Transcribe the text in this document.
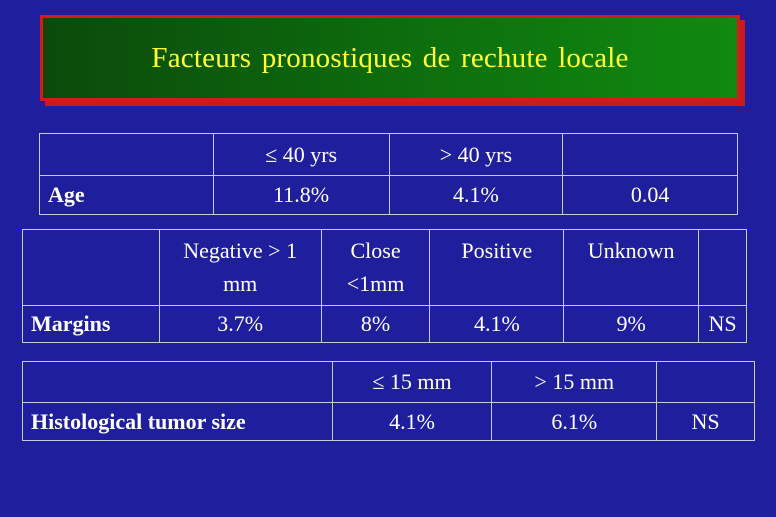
Facteurs pronostiques de rechute locale
	≤ 40 yrs	> 40 yrs	
Age	11.8%	4.1%	0.04
	Negative > 1 mm	Close <1mm	Positive	Unknown	
Margins	3.7%	8%	4.1%	9%	NS
	≤ 15 mm	> 15 mm	
Histological tumor size	4.1%	6.1%	NS
